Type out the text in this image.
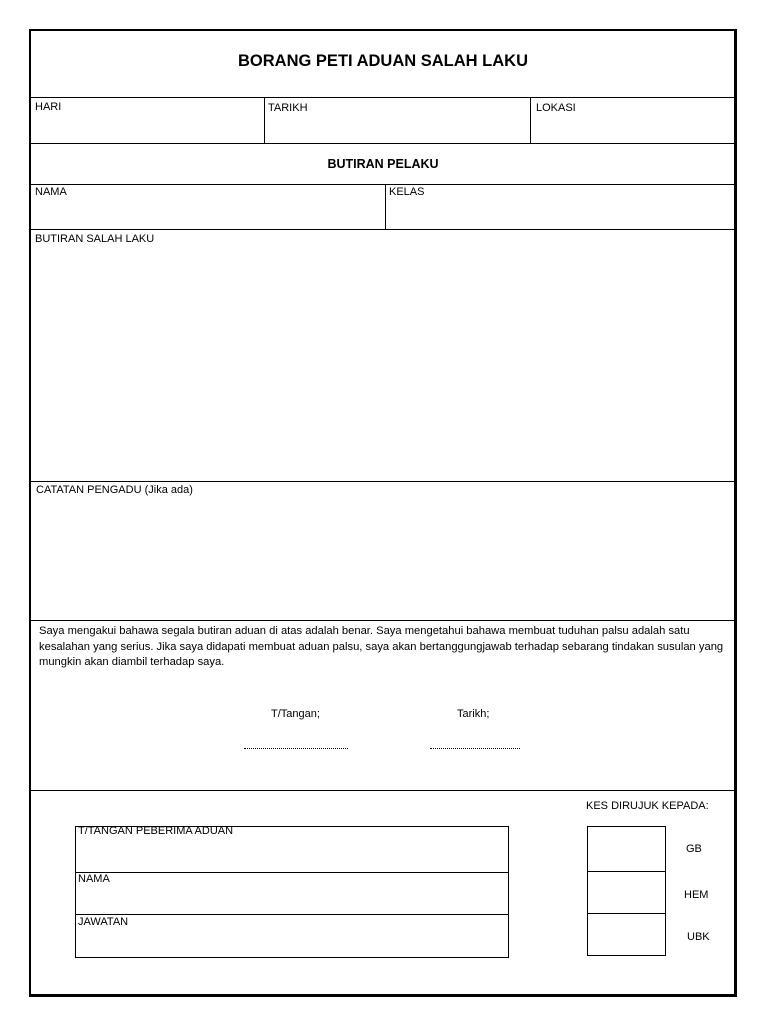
BORANG PETI ADUAN SALAH LAKU
HARI	TARIKH	LOKASI
BUTIRAN PELAKU
NAMA	KELAS
BUTIRAN SALAH LAKU
CATATAN PENGADU (Jika ada)

Saya mengakui bahawa segala butiran aduan di atas adalah benar. Saya mengetahui bahawa membuat tuduhan palsu adalah satu kesalahan yang serius. Jika saya didapati membuat aduan palsu, saya akan bertanggungjawab terhadap sebarang tindakan susulan yang mungkin akan diambil terhadap saya.

T/Tangan;	Tarikh;
T/TANGAN PEBERIMA ADUAN
NAMA
JAWATAN
KES DIRUJUK KEPADA:
GB
HEM
UBK
